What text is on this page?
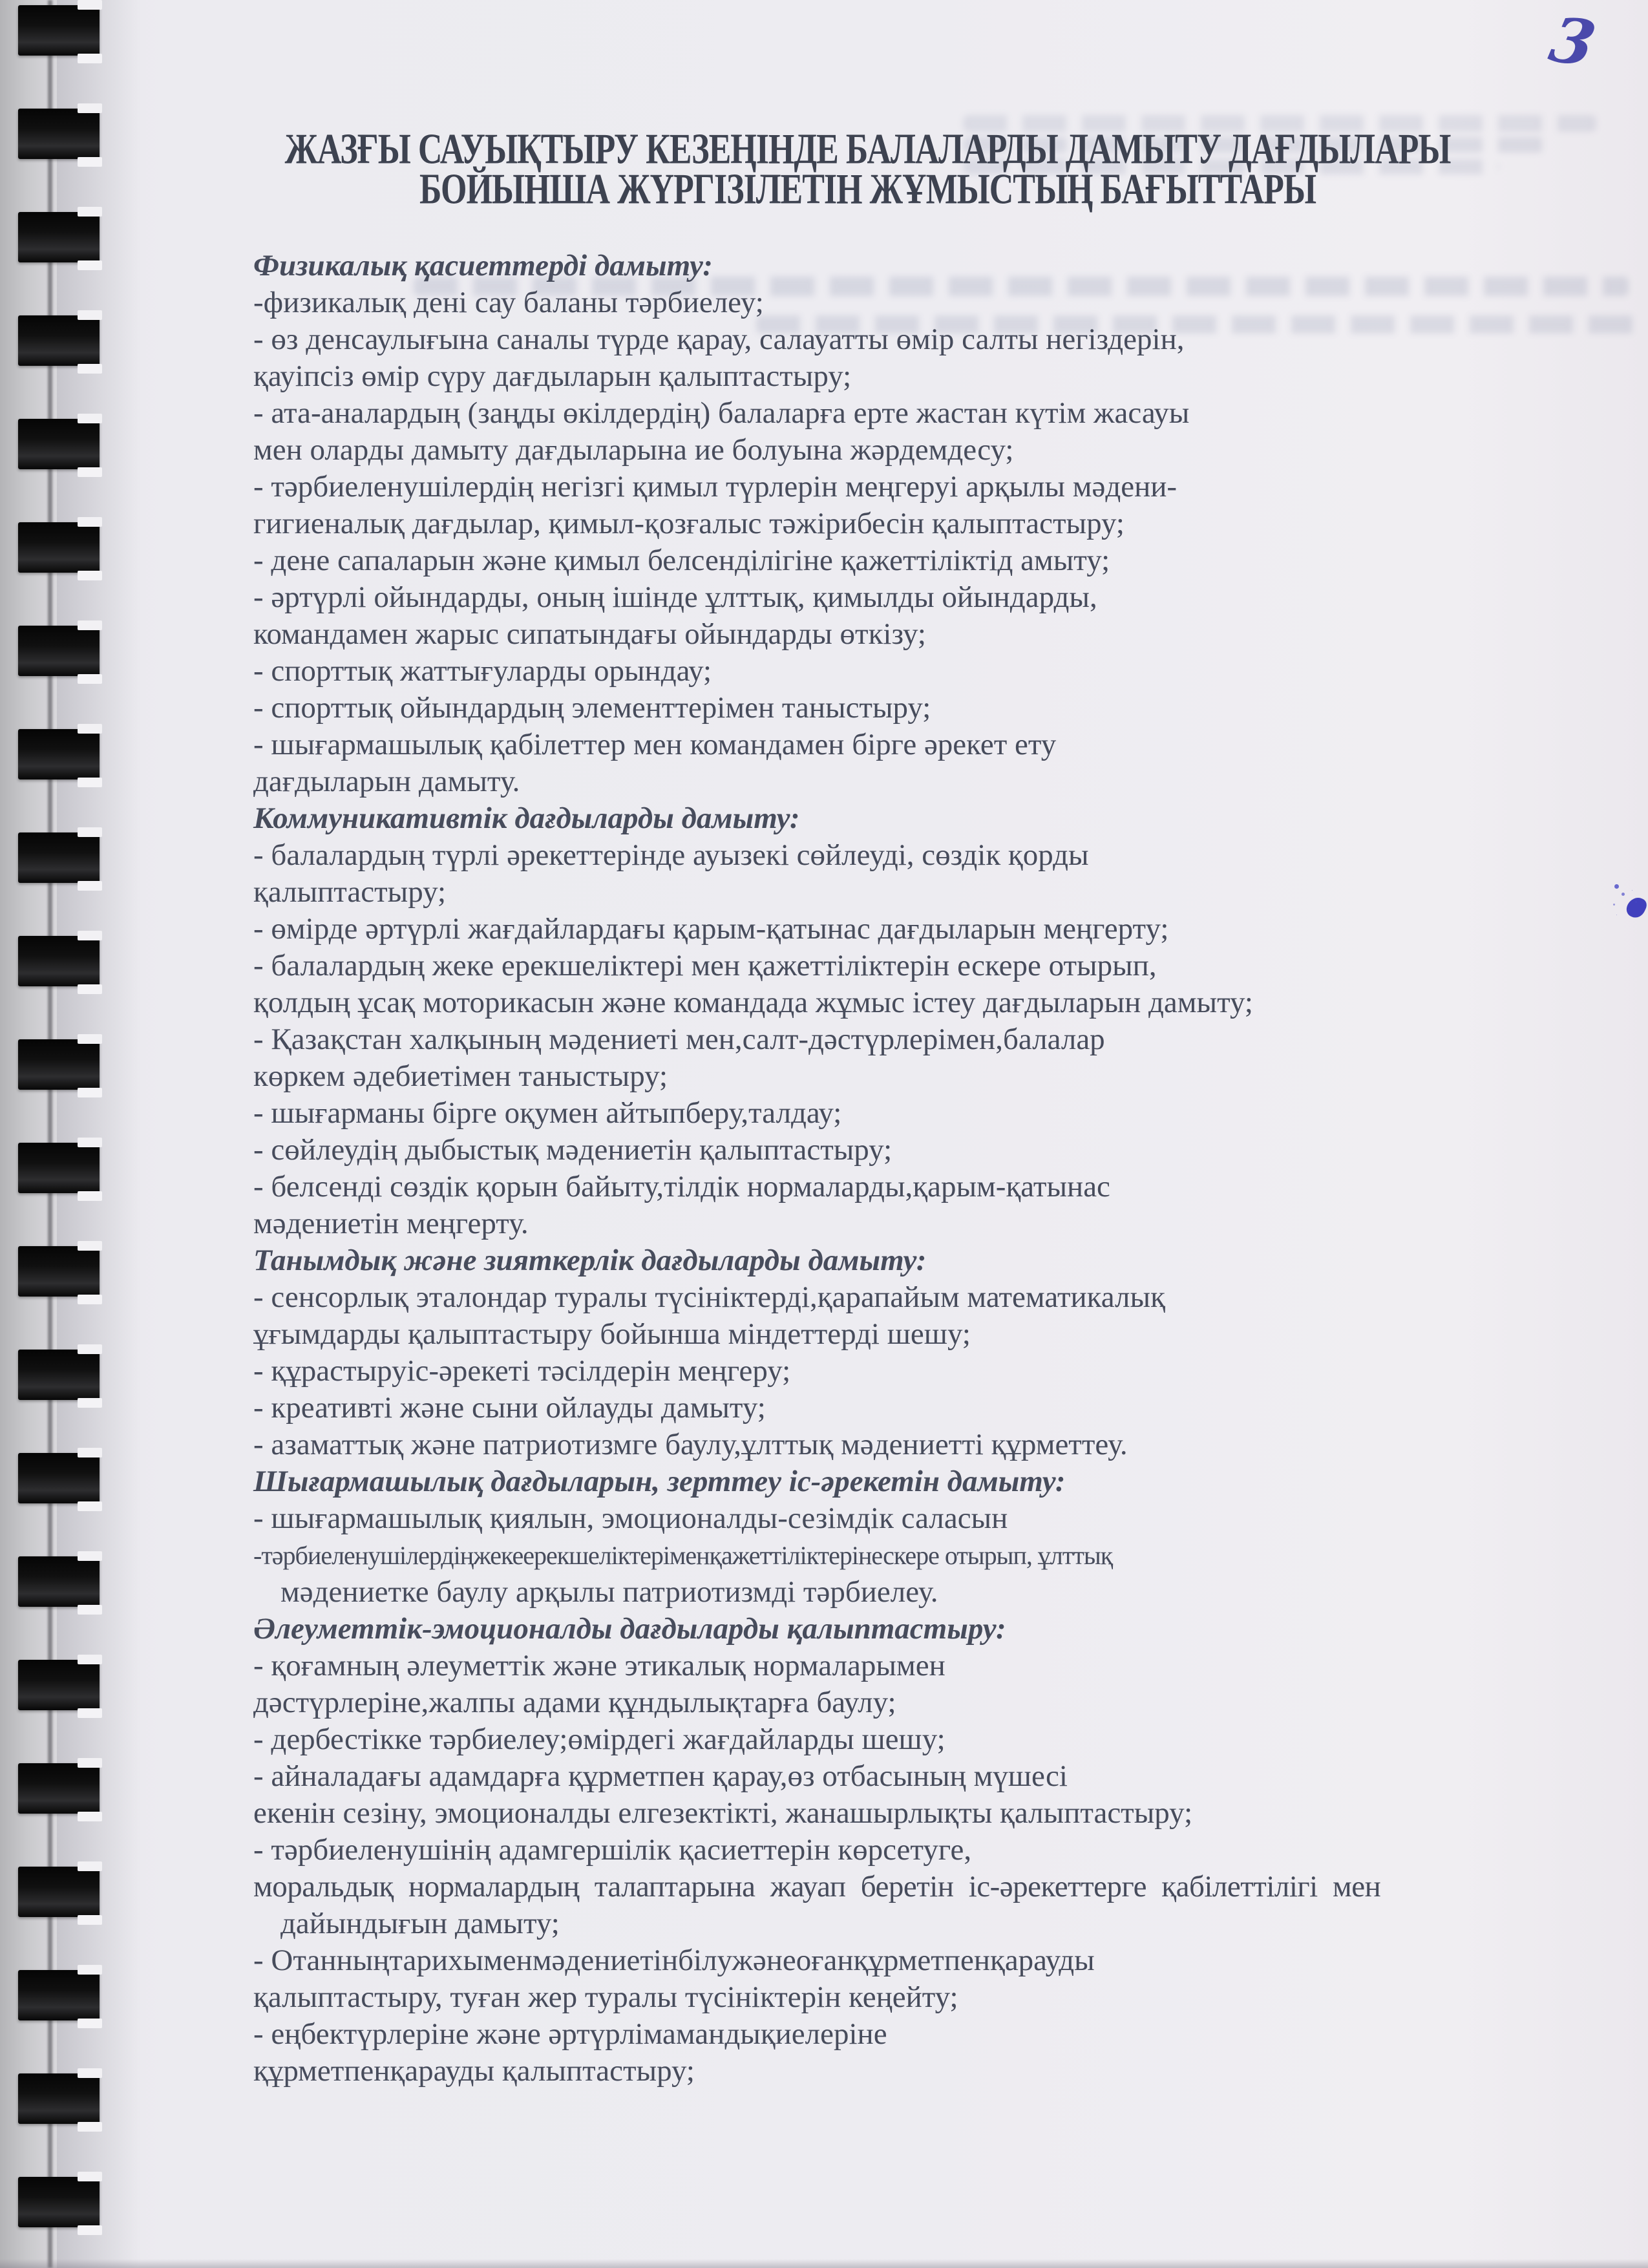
3
ЖАЗҒЫ САУЫҚТЫРУ КЕЗЕҢІНДЕ БАЛАЛАРДЫ ДАМЫТУ ДАҒДЫЛАРЫ
БОЙЫНША ЖҮРГІЗІЛЕТІН ЖҰМЫСТЫҢ БАҒЫТТАРЫ
Физикалық қасиеттерді дамыту:
-физикалық дені сау баланы тәрбиелеу;
- өз денсаулығына саналы түрде қарау, салауатты өмір салты негіздерін,
қауіпсіз өмір сүру дағдыларын қалыптастыру;
- ата-аналардың (заңды өкілдердің) балаларға ерте жастан күтім жасауы
мен оларды дамыту дағдыларына ие болуына жәрдемдесу;
- тәрбиеленушілердің негізгі қимыл түрлерін меңгеруі арқылы мәдени-
гигиеналық дағдылар, қимыл-қозғалыс тәжірибесін қалыптастыру;
- дене сапаларын және қимыл белсенділігіне қажеттіліктід амыту;
- әртүрлі ойындарды, оның ішінде ұлттық, қимылды ойындарды,
командамен жарыс сипатындағы ойындарды өткізу;
- спорттық жаттығуларды орындау;
- спорттық ойындардың элементтерімен таныстыру;
- шығармашылық қабілеттер мен командамен бірге әрекет ету
дағдыларын дамыту.
Коммуникативтік дағдыларды дамыту:
- балалардың түрлі әрекеттерінде ауызекі сөйлеуді, сөздік қорды
қалыптастыру;
- өмірде әртүрлі жағдайлардағы қарым-қатынас дағдыларын меңгерту;
- балалардың жеке ерекшеліктері мен қажеттіліктерін ескере отырып,
қолдың ұсақ моторикасын және командада жұмыс істеу дағдыларын дамыту;
- Қазақстан халқының мәдениеті мен,салт-дәстүрлерімен,балалар
көркем әдебиетімен таныстыру;
- шығарманы бірге оқумен айтыпберу,талдау;
- сөйлеудің дыбыстық мәдениетін қалыптастыру;
- белсенді сөздік қорын байыту,тілдік нормаларды,қарым-қатынас
мәдениетін меңгерту.
Танымдық және зияткерлік дағдыларды дамыту:
- сенсорлық эталондар туралы түсініктерді,қарапайым математикалық
ұғымдарды қалыптастыру бойынша міндеттерді шешу;
- құрастыруіс-әрекеті тәсілдерін меңгеру;
- креативті және сыни ойлауды дамыту;
- азаматтық және патриотизмге баулу,ұлттық мәдениетті құрметтеу.
Шығармашылық дағдыларын, зерттеу іс-әрекетін дамыту:
- шығармашылық қиялын, эмоционалды-сезімдік саласын
-тәрбиеленушілердіңжекеерекшеліктеріменқажеттіліктерінескере отырып, ұлттық
мәдениетке баулу арқылы патриотизмді тәрбиелеу.
Әлеуметтік-эмоционалды дағдыларды қалыптастыру:
- қоғамның әлеуметтік және этикалық нормаларымен
дәстүрлеріне,жалпы адами құндылықтарға баулу;
- дербестікке тәрбиелеу;өмірдегі жағдайларды шешу;
- айналадағы адамдарға құрметпен қарау,өз отбасының мүшесі
екенін сезіну, эмоционалды елгезектікті, жанашырлықты қалыптастыру;
- тәрбиеленушінің адамгершілік қасиеттерін көрсетуге,
моральдық нормалардың талаптарына жауап беретін іс-әрекеттерге қабілеттілігі мен
дайындығын дамыту;
- Отанныңтарихыменмәдениетінбілужәнеоғанқұрметпенқарауды
қалыптастыру, туған жер туралы түсініктерін кеңейту;
- еңбектүрлеріне және әртүрлімамандықиелеріне
құрметпенқарауды қалыптастыру;
